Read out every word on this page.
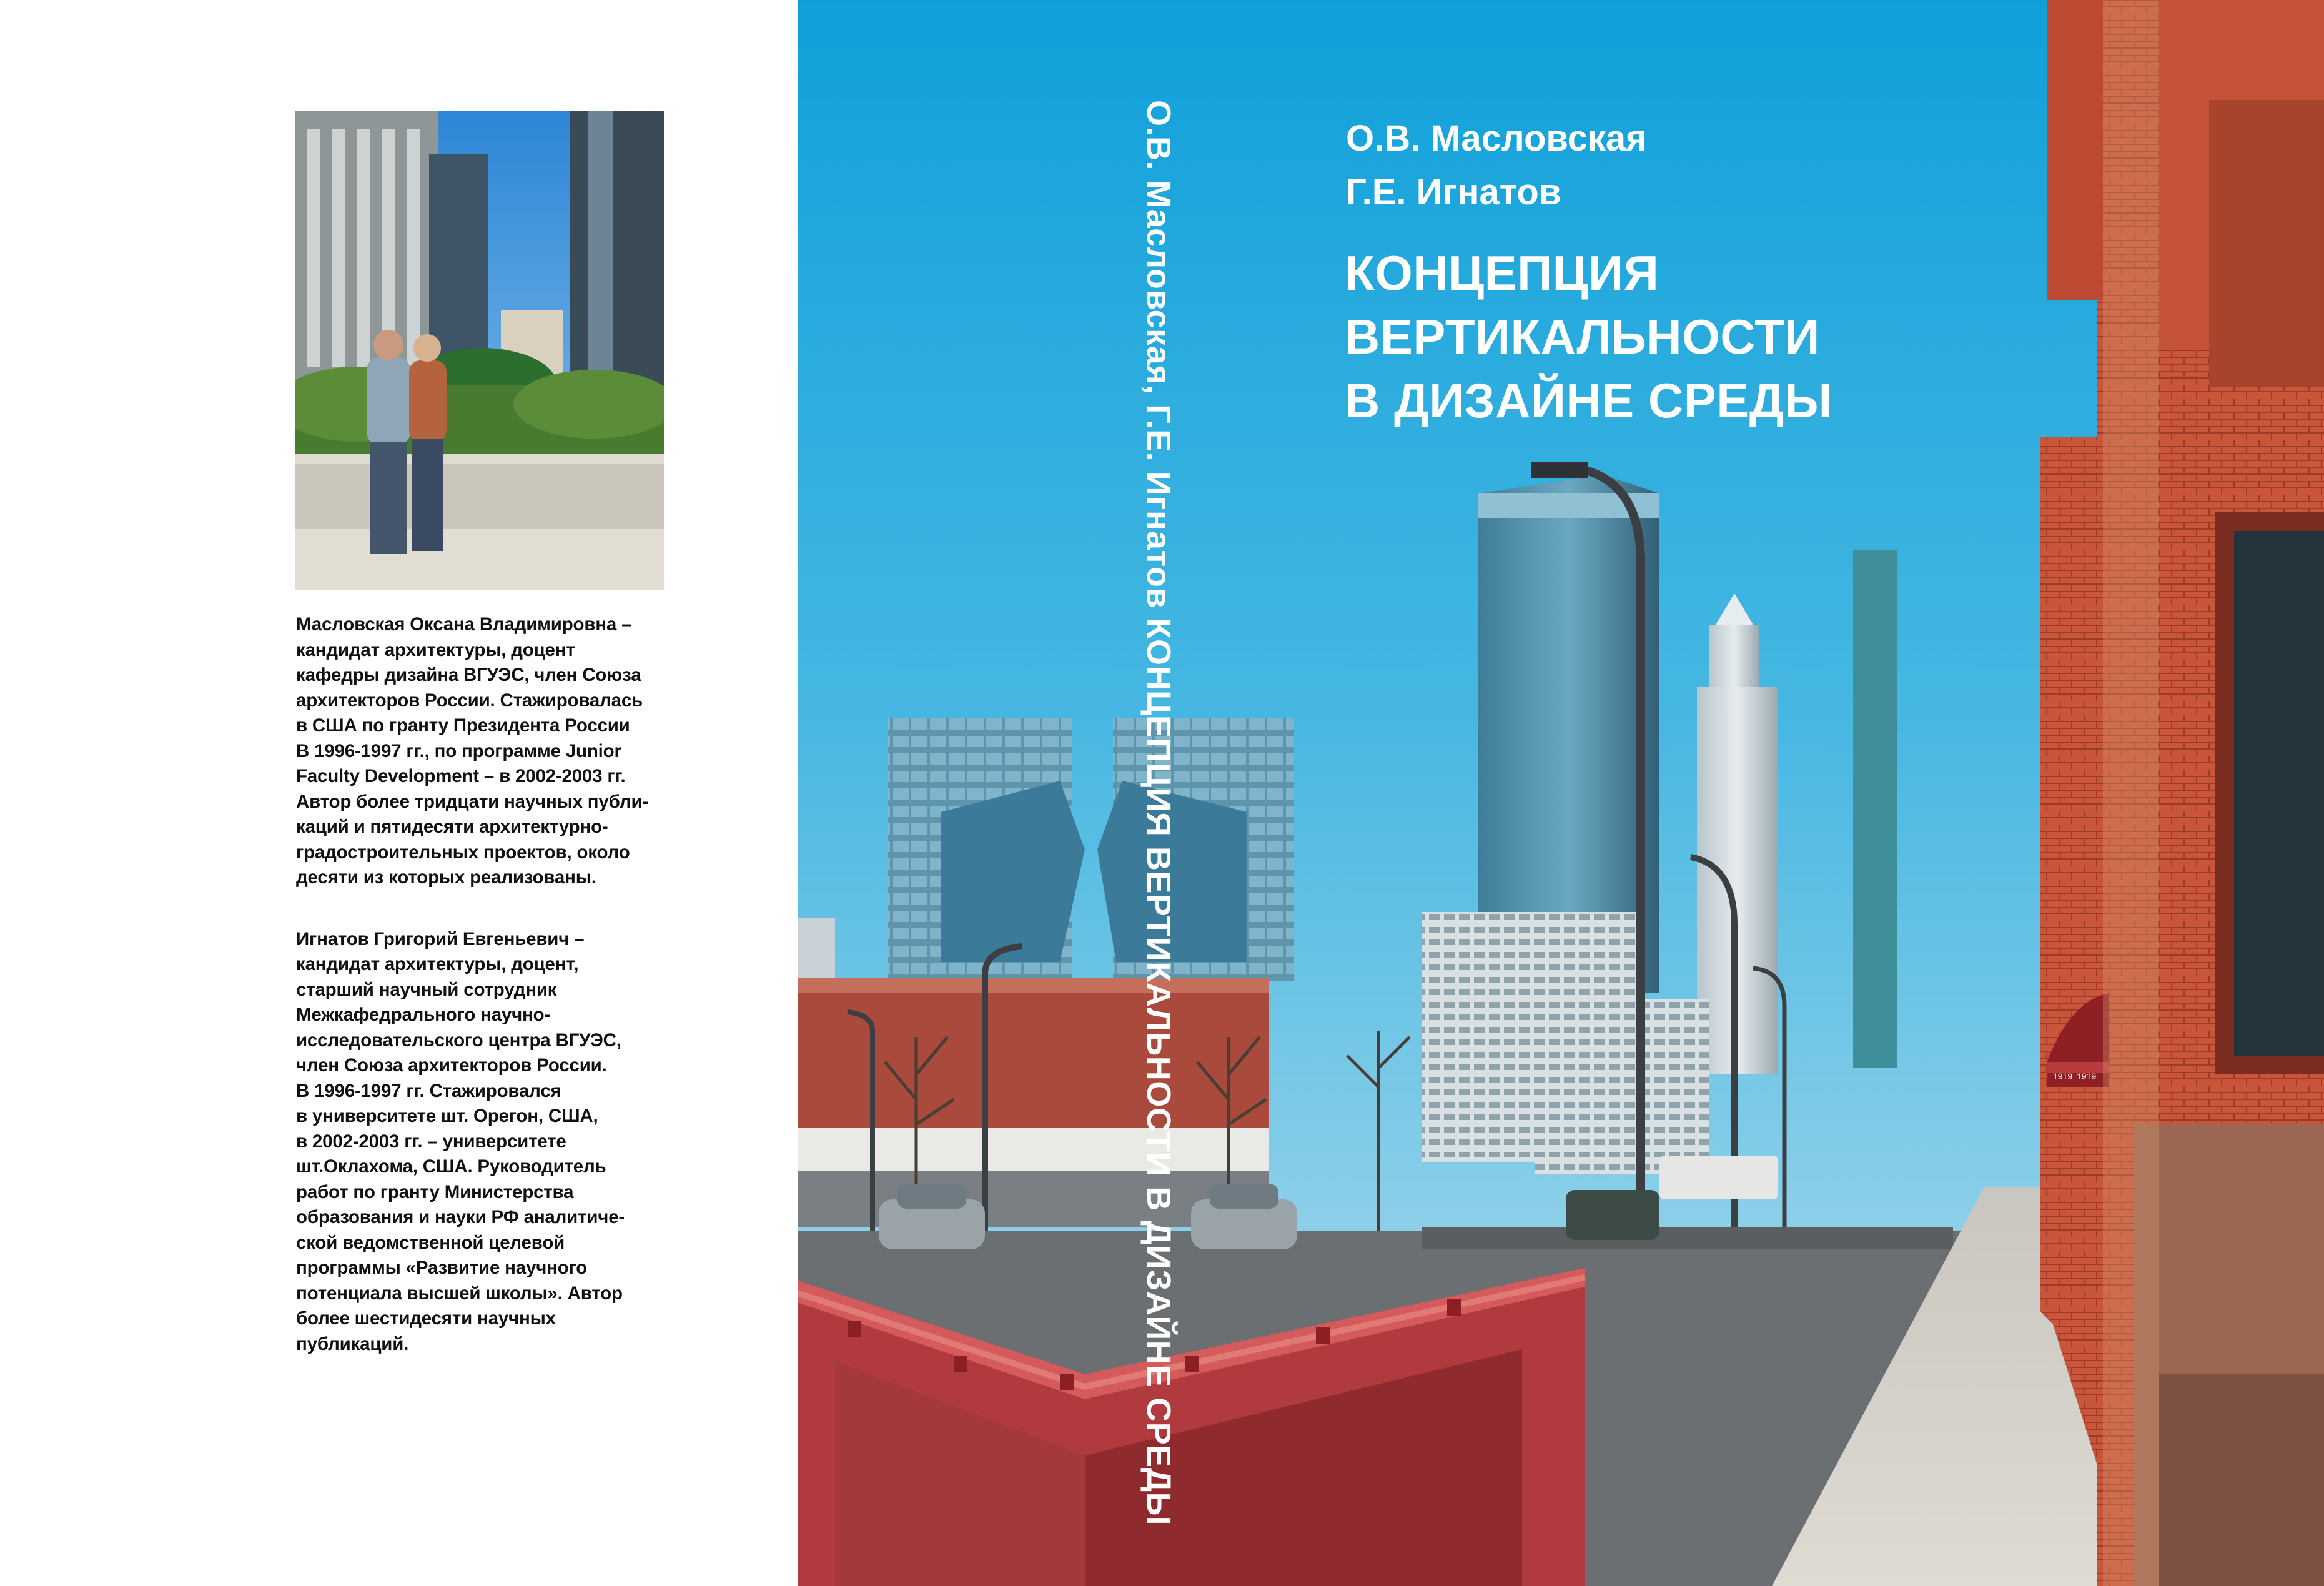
1919 1919
О.В. Масловская, Г.Е. Игнатов КОНЦЕПЦИЯ ВЕРТИКАЛЬНОСТИ В ДИЗАЙНЕ СРЕДЫ	О.В. Масловская
Г.Е. Игнатов
КОНЦЕПЦИЯ
ВЕРТИКАЛЬНОСТИ
В ДИЗАЙНЕ СРЕДЫ
Масловская Оксана Владимировна –
кандидат архитектуры, доцент
кафедры дизайна ВГУЭС, член Союза
архитекторов России. Стажировалась
в США по гранту Президента России
В 1996-1997 гг., по программе Junior
Faculty Development – в 2002-2003 гг.
Автор более тридцати научных публи-
каций и пятидесяти архитектурно-
градостроительных проектов, около
десяти из которых реализованы.
Игнатов Григорий Евгеньевич –
кандидат архитектуры, доцент,
старший научный сотрудник
Межкафедрального научно-
исследовательского центра ВГУЭС,
член Союза архитекторов России.
В 1996-1997 гг. Стажировался
в университете шт. Орегон, США,
в 2002-2003 гг. – университете
шт.Оклахома, США. Руководитель
работ по гранту Министерства
образования и науки РФ аналитиче-
ской ведомственной целевой
программы «Развитие научного
потенциала высшей школы». Автор
более шестидесяти научных
публикаций.
